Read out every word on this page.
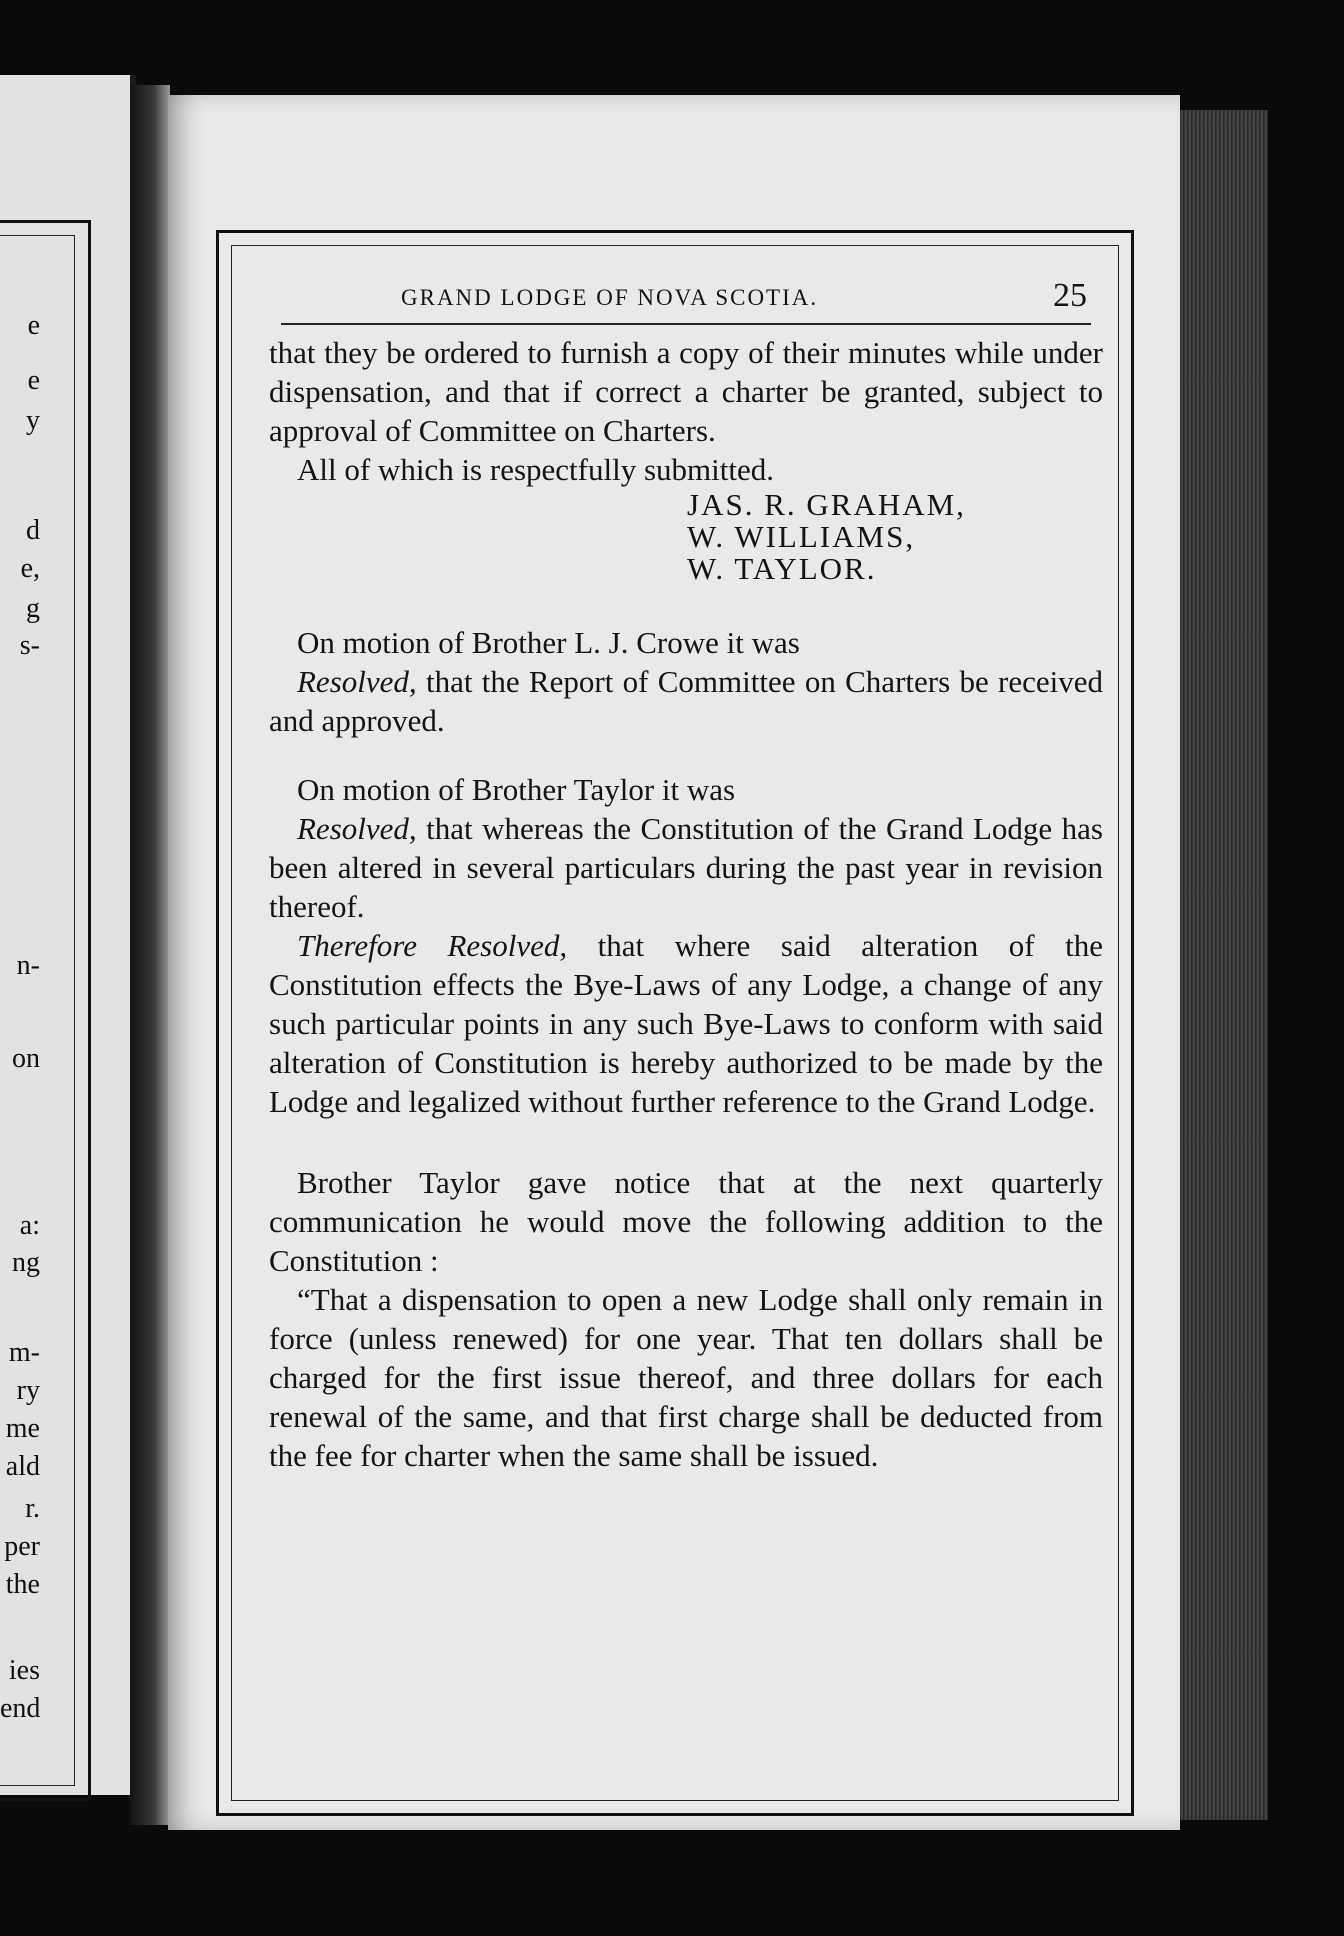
e
e
y
d
e,
g
s-
n-
on
a:
ng
m-
ry
me
ald
r.
per
the
ies
end
GRAND LODGE OF NOVA SCOTIA.	25

that they be ordered to furnish a copy of their minutes while under dispensation, and that if correct a charter be granted, subject to approval of Committee on Charters.

All of which is respectfully submitted.

JAS. R. GRAHAM,
W. WILLIAMS,
W. TAYLOR.

On motion of Brother L. J. Crowe it was

Resolved, that the Report of Committee on Charters be received and approved.

On motion of Brother Taylor it was

Resolved, that whereas the Constitution of the Grand Lodge has been altered in several particulars during the past year in revision thereof.

Therefore Resolved, that where said alteration of the Constitution effects the Bye-Laws of any Lodge, a change of any such particular points in any such Bye-Laws to conform with said alteration of Constitution is hereby authorized to be made by the Lodge and legalized without further reference to the Grand Lodge.

Brother Taylor gave notice that at the next quarterly communication he would move the following addition to the Constitution :

“That a dispensation to open a new Lodge shall only remain in force (unless renewed) for one year. That ten dollars shall be charged for the first issue thereof, and three dollars for each renewal of the same, and that first charge shall be deducted from the fee for charter when the same shall be issued.
